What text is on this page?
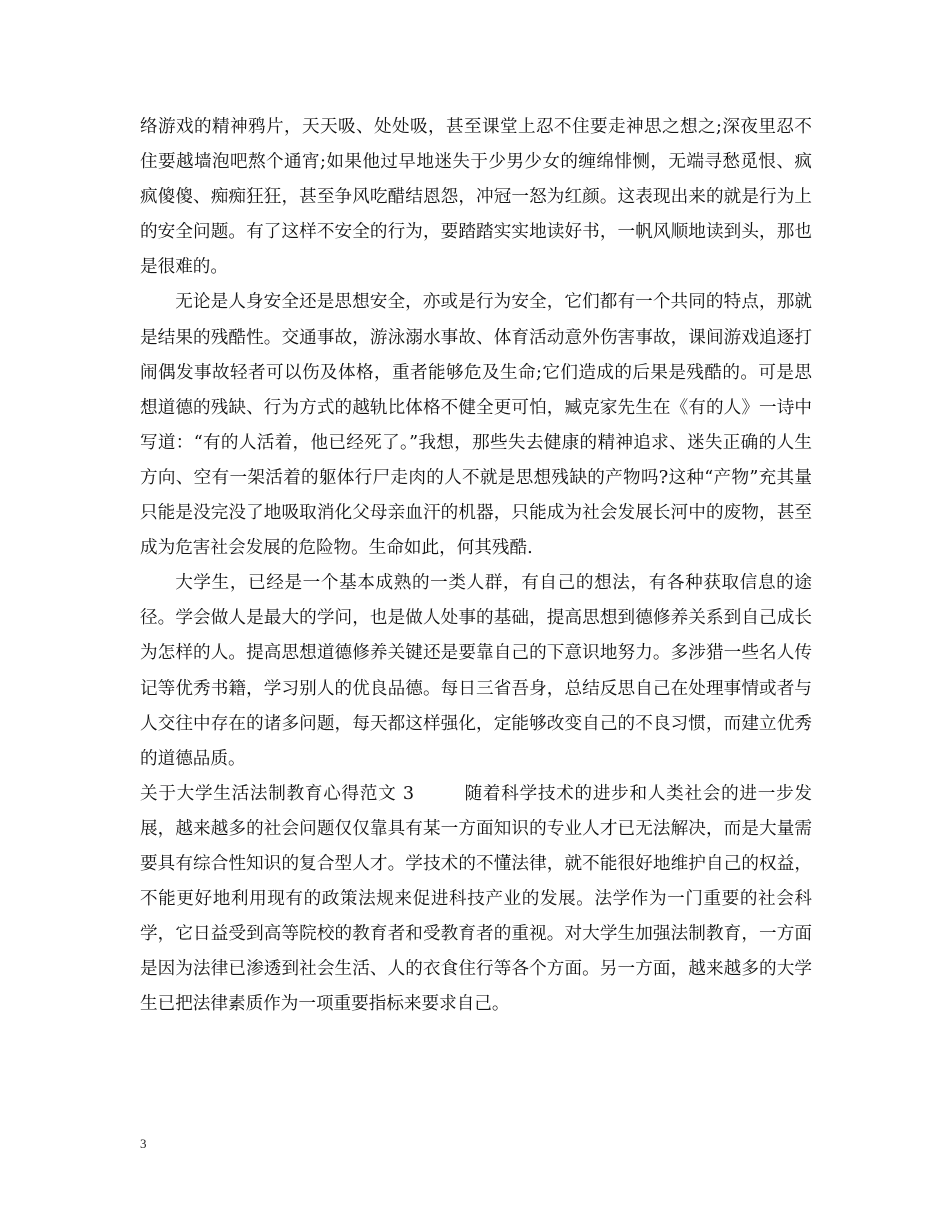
络游戏的精神鸦片，天天吸、处处吸，甚至课堂上忍不住要走神思之想之;深夜里忍不住要越墙泡吧熬个通宵;如果他过早地迷失于少男少女的缠绵悱恻，无端寻愁觅恨、疯疯傻傻、痴痴狂狂，甚至争风吃醋结恩怨，冲冠一怒为红颜。这表现出来的就是行为上的安全问题。有了这样不安全的行为，要踏踏实实地读好书，一帆风顺地读到头，那也是很难的。

无论是人身安全还是思想安全，亦或是行为安全，它们都有一个共同的特点，那就是结果的残酷性。交通事故，游泳溺水事故、体育活动意外伤害事故，课间游戏追逐打闹偶发事故轻者可以伤及体格，重者能够危及生命;它们造成的后果是残酷的。可是思想道德的残缺、行为方式的越轨比体格不健全更可怕，臧克家先生在《有的人》一诗中写道：“有的人活着，他已经死了。”我想，那些失去健康的精神追求、迷失正确的人生方向、空有一架活着的躯体行尸走肉的人不就是思想残缺的产物吗?这种“产物”充其量只能是没完没了地吸取消化父母亲血汗的机器，只能成为社会发展长河中的废物，甚至成为危害社会发展的危险物。生命如此，何其残酷.

大学生，已经是一个基本成熟的一类人群，有自己的想法，有各种获取信息的途径。学会做人是最大的学问，也是做人处事的基础，提高思想到德修养关系到自己成长为怎样的人。提高思想道德修养关键还是要靠自己的下意识地努力。多涉猎一些名人传记等优秀书籍，学习别人的优良品德。每日三省吾身，总结反思自己在处理事情或者与人交往中存在的诸多问题，每天都这样强化，定能够改变自己的不良习惯，而建立优秀的道德品质。

关于大学生活法制教育心得范文 3	随着科学技术的进步和人类社会的进一步发展，越来越多的社会问题仅仅靠具有某一方面知识的专业人才已无法解决，而是大量需要具有综合性知识的复合型人才。学技术的不懂法律，就不能很好地维护自己的权益，不能更好地利用现有的政策法规来促进科技产业的发展。法学作为一门重要的社会科学，它日益受到高等院校的教育者和受教育者的重视。对大学生加强法制教育，一方面是因为法律已渗透到社会生活、人的衣食住行等各个方面。另一方面，越来越多的大学生已把法律素质作为一项重要指标来要求自己。

3
